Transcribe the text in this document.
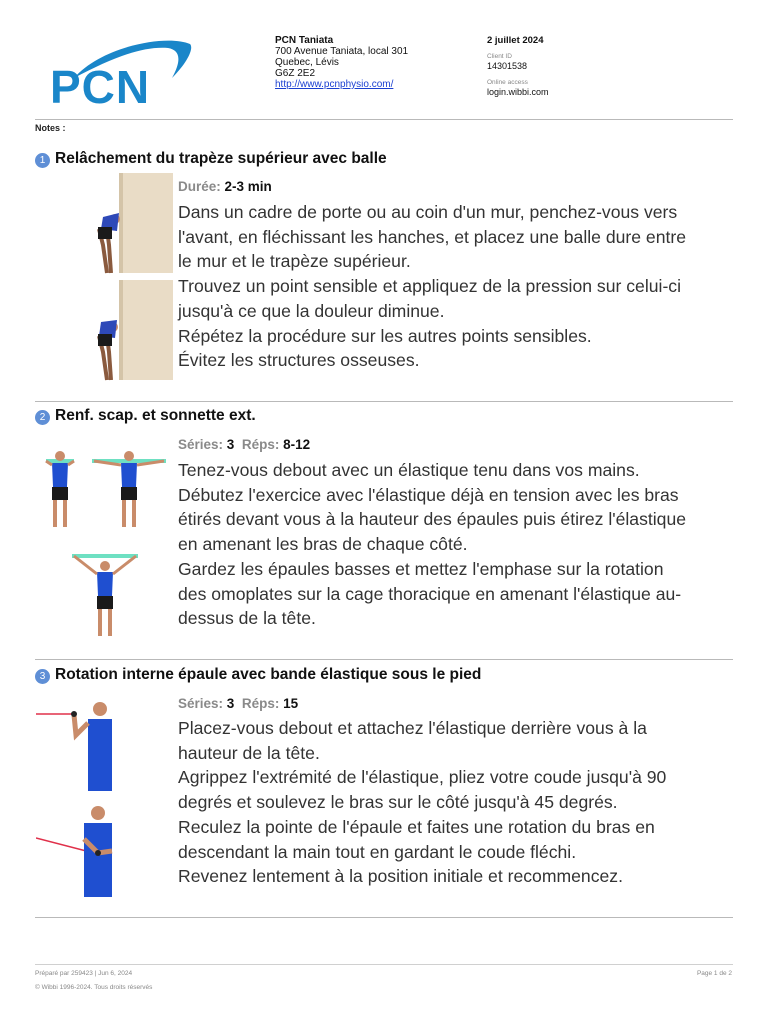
PCN
PCN Taniata
700 Avenue Taniata, local 301
Quebec, Lévis
G6Z 2E2
http://www.pcnphysio.com/
2 juillet 2024
Client ID
14301538
Online access
login.wibbi.com
Notes :
1 Relâchement du trapèze supérieur avec balle
Durée: 2-3 min
Dans un cadre de porte ou au coin d'un mur, penchez-vous vers
l'avant, en fléchissant les hanches, et placez une balle dure entre
le mur et le trapèze supérieur.
Trouvez un point sensible et appliquez de la pression sur celui-ci
jusqu'à ce que la douleur diminue.
Répétez la procédure sur les autres points sensibles.
Évitez les structures osseuses.
2 Renf. scap. et sonnette ext.
Séries: 3 Réps: 8-12
Tenez-vous debout avec un élastique tenu dans vos mains.
Débutez l'exercice avec l'élastique déjà en tension avec les bras
étirés devant vous à la hauteur des épaules puis étirez l'élastique
en amenant les bras de chaque côté.
Gardez les épaules basses et mettez l'emphase sur la rotation
des omoplates sur la cage thoracique en amenant l'élastique au-
dessus de la tête.
3 Rotation interne épaule avec bande élastique sous le pied
Séries: 3 Réps: 15
Placez-vous debout et attachez l'élastique derrière vous à la
hauteur de la tête.
Agrippez l'extrémité de l'élastique, pliez votre coude jusqu'à 90
degrés et soulevez le bras sur le côté jusqu'à 45 degrés.
Reculez la pointe de l'épaule et faites une rotation du bras en
descendant la main tout en gardant le coude fléchi.
Revenez lentement à la position initiale et recommencez.
Préparé par 259423 | Jun 6, 2024
© Wibbi 1996-2024. Tous droits réservés
Page 1 de 2
